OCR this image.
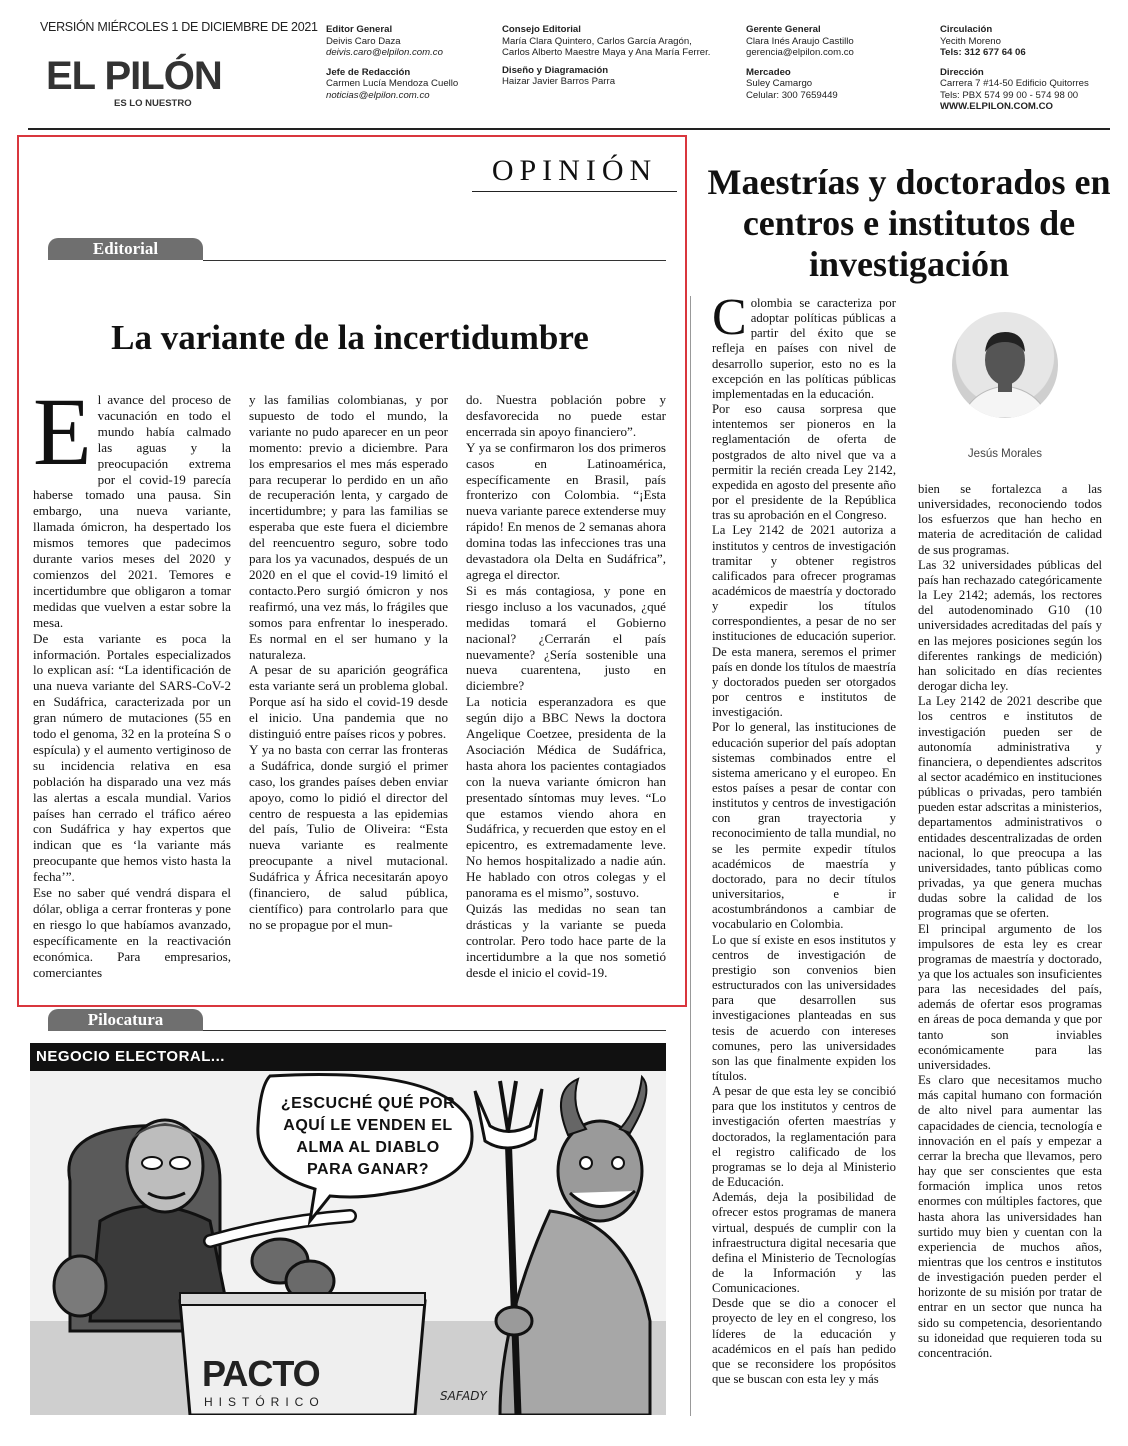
VERSIÓN MIÉRCOLES 1 DE DICIEMBRE DE 2021
EL PILÓN
ES LO NUESTRO
Editor General
Deivis Caro Daza
deivis.caro@elpilon.com.co
Jefe de Redacción
Carmen Lucía Mendoza Cuello
noticias@elpilon.com.co
Consejo Editorial
María Clara Quintero, Carlos García Aragón, Carlos Alberto Maestre Maya y Ana María Ferrer.
Diseño y Diagramación
Haizar Javier Barros Parra
Gerente General
Clara Inés Araujo Castillo
gerencia@elpilon.com.co
Mercadeo
Suley Camargo
Celular: 300 7659449
Circulación
Yecith Moreno
Tels: 312 677 64 06
Dirección
Carrera 7 #14-50 Edificio Quitorres
Tels: PBX 574 99 00 - 574 98 00
WWW.ELPILON.COM.CO
OPINIÓN
Editorial
La variante de la incertidumbre
E l avance del proceso de vacunación en todo el mundo había calmado las aguas y la preocupación extrema por el covid-19 parecía haberse tomado una pausa. Sin embargo, una nueva variante, llamada ómicron, ha despertado los mismos temores que padecimos durante varios meses del 2020 y comienzos del 2021. Temores e incertidumbre que obligaron a tomar medidas que vuelven a estar sobre la mesa.

De esta variante es poca la información. Portales especializados lo explican así: “La identificación de una nueva variante del SARS-CoV-2 en Sudáfrica, caracterizada por un gran número de mutaciones (55 en todo el genoma, 32 en la proteína S o espícula) y el aumento vertiginoso de su incidencia relativa en esa población ha disparado una vez más las alertas a escala mundial. Varios países han cerrado el tráfico aéreo con Sudáfrica y hay expertos que indican que es ‘la variante más preocupante que hemos visto hasta la fecha’”.

Ese no saber qué vendrá dispara el dólar, obliga a cerrar fronteras y pone en riesgo lo que habíamos avanzado, específicamente en la reactivación económica. Para empresarios, comerciantes

y las familias colombianas, y por supuesto de todo el mundo, la variante no pudo aparecer en un peor momento: previo a diciembre. Para los empresarios el mes más esperado para recuperar lo perdido en un año de recuperación lenta, y cargado de incertidumbre; y para las familias se esperaba que este fuera el diciembre del reencuentro seguro, sobre todo para los ya vacunados, después de un 2020 en el que el covid-19 limitó el contacto.Pero surgió ómicron y nos reafirmó, una vez más, lo frágiles que somos para enfrentar lo inesperado. Es normal en el ser humano y la naturaleza.

A pesar de su aparición geográfica esta variante será un problema global. Porque así ha sido el covid-19 desde el inicio. Una pandemia que no distinguió entre países ricos y pobres.

Y ya no basta con cerrar las fronteras a Sudáfrica, donde surgió el primer caso, los grandes países deben enviar apoyo, como lo pidió el director del centro de respuesta a las epidemias del país, Tulio de Oliveira: “Esta nueva variante es realmente preocupante a nivel mutacional. Sudáfrica y África necesitarán apoyo (financiero, de salud pública, científico) para controlarlo para que no se propague por el mun-

do. Nuestra población pobre y desfavorecida no puede estar encerrada sin apoyo financiero”.

Y ya se confirmaron los dos primeros casos en Latinoamérica, específicamente en Brasil, país fronterizo con Colombia. “¡Esta nueva variante parece extenderse muy rápido! En menos de 2 semanas ahora domina todas las infecciones tras una devastadora ola Delta en Sudáfrica”, agrega el director.

Si es más contagiosa, y pone en riesgo incluso a los vacunados, ¿qué medidas tomará el Gobierno nacional? ¿Cerrarán el país nuevamente? ¿Sería sostenible una nueva cuarentena, justo en diciembre?

La noticia esperanzadora es que según dijo a BBC News la doctora Angelique Coetzee, presidenta de la Asociación Médica de Sudáfrica, hasta ahora los pacientes contagiados con la nueva variante ómicron han presentado síntomas muy leves. “Lo que estamos viendo ahora en Sudáfrica, y recuerden que estoy en el epicentro, es extremadamente leve. No hemos hospitalizado a nadie aún. He hablado con otros colegas y el panorama es el mismo”, sostuvo.

Quizás las medidas no sean tan drásticas y la variante se pueda controlar. Pero todo hace parte de la incertidumbre a la que nos sometió desde el inicio el covid-19.

Pilocatura
NEGOCIO ELECTORAL...
¿ESCUCHÉ QUÉ POR
AQUÍ LE VENDEN EL
ALMA AL DIABLO
PARA GANAR?
PACTO
HISTÓRICO	SAFADY
Maestrías y doctorados en centros e institutos de investigación
Jesús Morales
C olombia se caracteriza por adoptar políticas públicas a partir del éxito que se refleja en países con nivel de desarrollo superior, esto no es la excepción en las políticas públicas implementadas en la educación.

Por eso causa sorpresa que intentemos ser pioneros en la reglamentación de oferta de postgrados de alto nivel que va a permitir la recién creada Ley 2142, expedida en agosto del presente año por el presidente de la República tras su aprobación en el Congreso.

La Ley 2142 de 2021 autoriza a institutos y centros de investigación tramitar y obtener registros calificados para ofrecer programas académicos de maestría y doctorado y expedir los títulos correspondientes, a pesar de no ser instituciones de educación superior. De esta manera, seremos el primer país en donde los títulos de maestría y doctorados pueden ser otorgados por centros e institutos de investigación.

Por lo general, las instituciones de educación superior del país adoptan sistemas combinados entre el sistema americano y el europeo. En estos países a pesar de contar con institutos y centros de investigación con gran trayectoria y reconocimiento de talla mundial, no se les permite expedir títulos académicos de maestría y doctorado, para no decir títulos universitarios, e ir acostumbrándonos a cambiar de vocabulario en Colombia.

Lo que sí existe en esos institutos y centros de investigación de prestigio son convenios bien estructurados con las universidades para que desarrollen sus investigaciones planteadas en sus tesis de acuerdo con intereses comunes, pero las universidades son las que finalmente expiden los títulos.

A pesar de que esta ley se concibió para que los institutos y centros de investigación oferten maestrías y doctorados, la reglamentación para el registro calificado de los programas se lo deja al Ministerio de Educación.

Además, deja la posibilidad de ofrecer estos programas de manera virtual, después de cumplir con la infraestructura digital necesaria que defina el Ministerio de Tecnologías de la Información y las Comunicaciones.

Desde que se dio a conocer el proyecto de ley en el congreso, los líderes de la educación y académicos en el país han pedido que se reconsidere los propósitos que se buscan con esta ley y más

bien se fortalezca a las universidades, reconociendo todos los esfuerzos que han hecho en materia de acreditación de calidad de sus programas.

Las 32 universidades públicas del país han rechazado categóricamente la Ley 2142; además, los rectores del autodenominado G10 (10 universidades acreditadas del país y en las mejores posiciones según los diferentes rankings de medición) han solicitado en días recientes derogar dicha ley.

La Ley 2142 de 2021 describe que los centros e institutos de investigación pueden ser de autonomía administrativa y financiera, o dependientes adscritos al sector académico en instituciones públicas o privadas, pero también pueden estar adscritas a ministerios, departamentos administrativos o entidades descentralizadas de orden nacional, lo que preocupa a las universidades, tanto públicas como privadas, ya que genera muchas dudas sobre la calidad de los programas que se oferten.

El principal argumento de los impulsores de esta ley es crear programas de maestría y doctorado, ya que los actuales son insuficientes para las necesidades del país, además de ofertar esos programas en áreas de poca demanda y que por tanto son inviables económicamente para las universidades.

Es claro que necesitamos mucho más capital humano con formación de alto nivel para aumentar las capacidades de ciencia, tecnología e innovación en el país y empezar a cerrar la brecha que llevamos, pero hay que ser conscientes que esta formación implica unos retos enormes con múltiples factores, que hasta ahora las universidades han surtido muy bien y cuentan con la experiencia de muchos años, mientras que los centros e institutos de investigación pueden perder el horizonte de su misión por tratar de entrar en un sector que nunca ha sido su competencia, desorientando su idoneidad que requieren toda su concentración.
